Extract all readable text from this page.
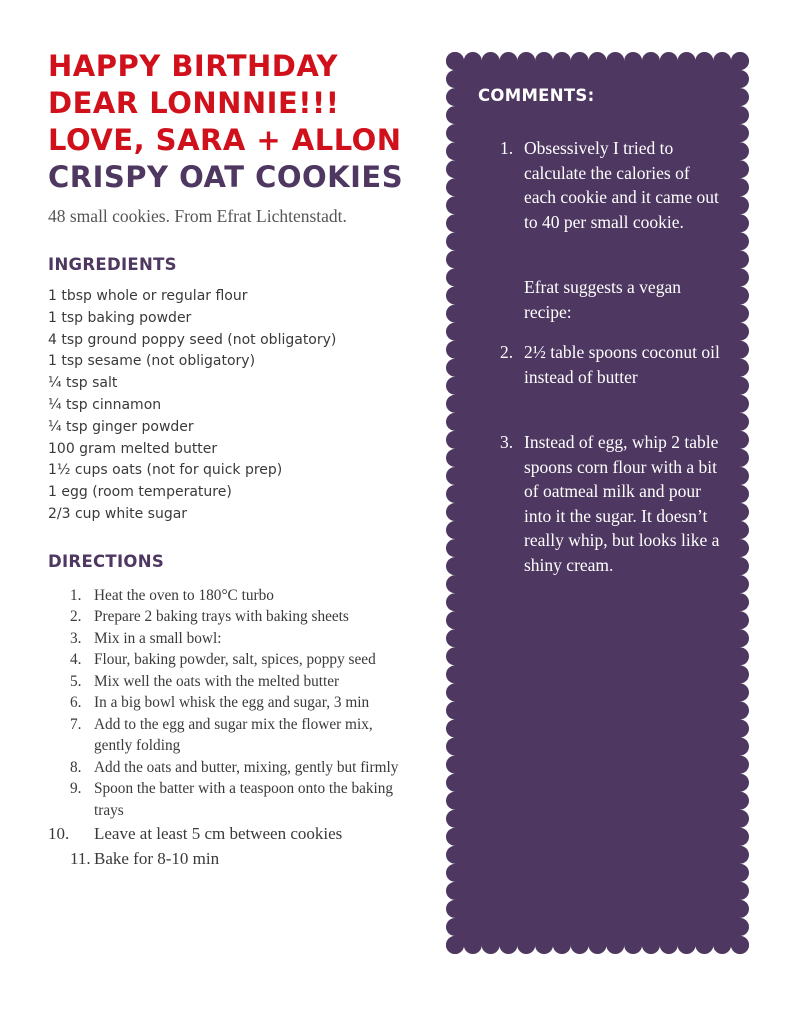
HAPPY BIRTHDAY
DEAR LONNNIE!!!
LOVE, SARA + ALLON
CRISPY OAT COOKIES
48 small cookies. From Efrat Lichtenstadt.
INGREDIENTS
1 tbsp whole or regular flour
1 tsp baking powder
4 tsp ground poppy seed (not obligatory)
1 tsp sesame (not obligatory)
¼ tsp salt
¼ tsp cinnamon
¼ tsp ginger powder
100 gram melted butter
1½ cups oats (not for quick prep)
1 egg (room temperature)
2/3 cup white sugar
DIRECTIONS
1. Heat the oven to 180°C turbo
2. Prepare 2 baking trays with baking sheets
3. Mix in a small bowl:
4. Flour, baking powder, salt, spices, poppy seed
5. Mix well the oats with the melted butter
6. In a big bowl whisk the egg and sugar, 3 min
7. Add to the egg and sugar mix the flower mix, gently folding
8. Add the oats and butter, mixing, gently but firmly
9. Spoon the batter with a teaspoon onto the baking trays
10. Leave at least 5 cm between cookies
11. Bake for 8-10 min
COMMENTS:
1. Obsessively I tried to calculate the calories of each cookie and it came out to 40 per small cookie.
Efrat suggests a vegan recipe:
2. 2½ table spoons coconut oil instead of butter
3. Instead of egg, whip 2 table spoons corn flour with a bit of oatmeal milk and pour into it the sugar. It doesn’t really whip, but looks like a shiny cream.
